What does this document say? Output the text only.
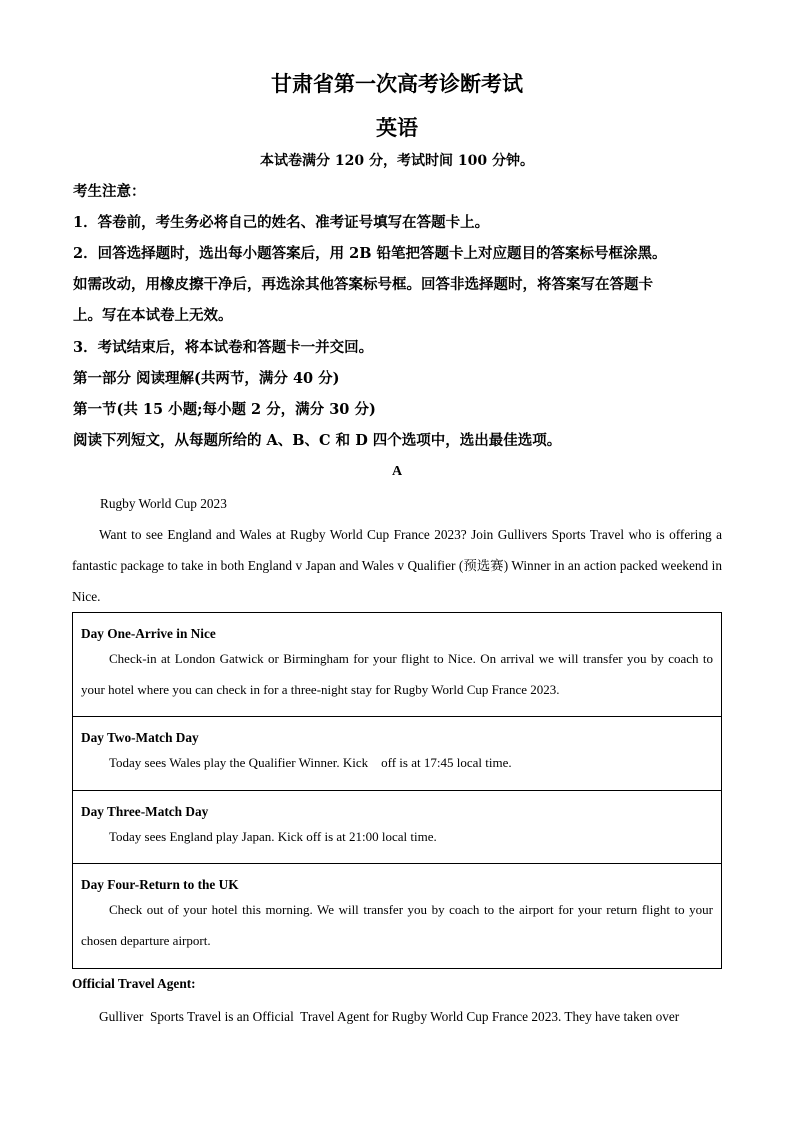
甘肃省第一次高考诊断考试
英语
本试卷满分 120 分，考试时间 100 分钟。
考生注意：
1．答卷前，考生务必将自己的姓名、准考证号填写在答题卡上。
2．回答选择题时，选出每小题答案后，用 2B 铅笔把答题卡上对应题目的答案标号框涂黑。
如需改动，用橡皮擦干净后，再选涂其他答案标号框。回答非选择题时，将答案写在答题卡
上。写在本试卷上无效。
3．考试结束后，将本试卷和答题卡一并交回。
第一部分 阅读理解(共两节，满分 40 分)
第一节(共 15 小题;每小题 2 分，满分 30 分)
阅读下列短文，从每题所给的 A、B、C 和 D 四个选项中，选出最佳选项。
A
Rugby World Cup 2023
Want to see England and Wales at Rugby World Cup France 2023? Join Gullivers Sports Travel who is offering a fantastic package to take in both England v Japan and Wales v Qualifier (预选赛) Winner in an action packed weekend in Nice.
Day One-Arrive in Nice
Check-in at London Gatwick or Birmingham for your flight to Nice. On arrival we will transfer you by coach to your hotel where you can check in for a three-night stay for Rugby World Cup France 2023.
Day Two-Match Day
Today sees Wales play the Qualifier Winner. Kick    off is at 17:45 local time.
Day Three-Match Day
Today sees England play Japan. Kick off is at 21:00 local time.
Day Four-Return to the UK
Check out of your hotel this morning. We will transfer you by coach to the airport for your return flight to your chosen departure airport.
Official Travel Agent:
Gulliver  Sports Travel is an Official  Travel Agent for Rugby World Cup France 2023. They have taken over
